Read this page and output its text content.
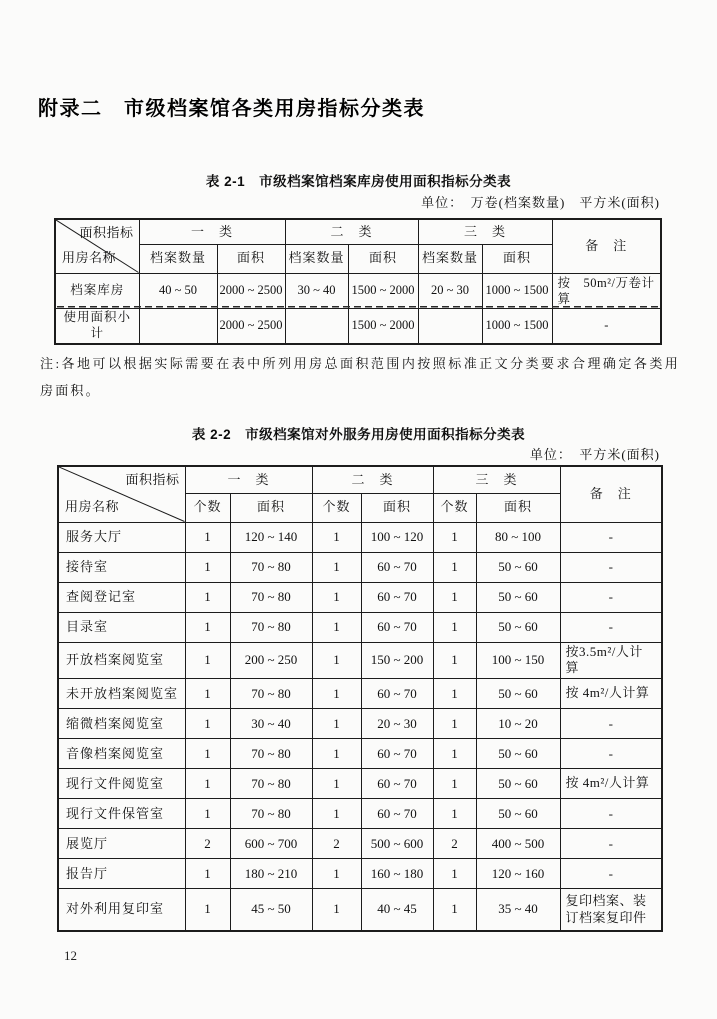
附录二　市级档案馆各类用房指标分类表
表 2-1　市级档案馆档案库房使用面积指标分类表
单位：　万卷(档案数量)　平方米(面积)
面积指标
用房名称	一　类		二　类		三　类		备　注
	档案数量	面积	档案数量	面积	档案数量	面积	
档案库房	40 ~ 50	2000 ~ 2500	30 ~ 40	1500 ~ 2000	20 ~ 30	1000 ~ 1500	按　50m²/万卷计算
使用面积小计		2000 ~ 2500		1500 ~ 2000		1000 ~ 1500	-
注:各地可以根据实际需要在表中所列用房总面积范围内按照标准正文分类要求合理确定各类用房面积。
表 2-2　市级档案馆对外服务用房使用面积指标分类表
单位：　平方米(面积)
面积指标
用房名称	一　类		二　类		三　类		备　注
	个数	面积	个数	面积	个数	面积	
服务大厅	1	120 ~ 140	1	100 ~ 120	1	80 ~ 100	-
接待室	1	70 ~ 80	1	60 ~ 70	1	50 ~ 60	-
查阅登记室	1	70 ~ 80	1	60 ~ 70	1	50 ~ 60	-
目录室	1	70 ~ 80	1	60 ~ 70	1	50 ~ 60	-
开放档案阅览室	1	200 ~ 250	1	150 ~ 200	1	100 ~ 150	按3.5m²/人计算
未开放档案阅览室	1	70 ~ 80	1	60 ~ 70	1	50 ~ 60	按 4m²/人计算
缩微档案阅览室	1	30 ~ 40	1	20 ~ 30	1	10 ~ 20	-
音像档案阅览室	1	70 ~ 80	1	60 ~ 70	1	50 ~ 60	-
现行文件阅览室	1	70 ~ 80	1	60 ~ 70	1	50 ~ 60	按 4m²/人计算
现行文件保管室	1	70 ~ 80	1	60 ~ 70	1	50 ~ 60	-
展览厅	2	600 ~ 700	2	500 ~ 600	2	400 ~ 500	-
报告厅	1	180 ~ 210	1	160 ~ 180	1	120 ~ 160	-
对外利用复印室	1	45 ~ 50	1	40 ~ 45	1	35 ~ 40	复印档案、装订档案复印件
12
